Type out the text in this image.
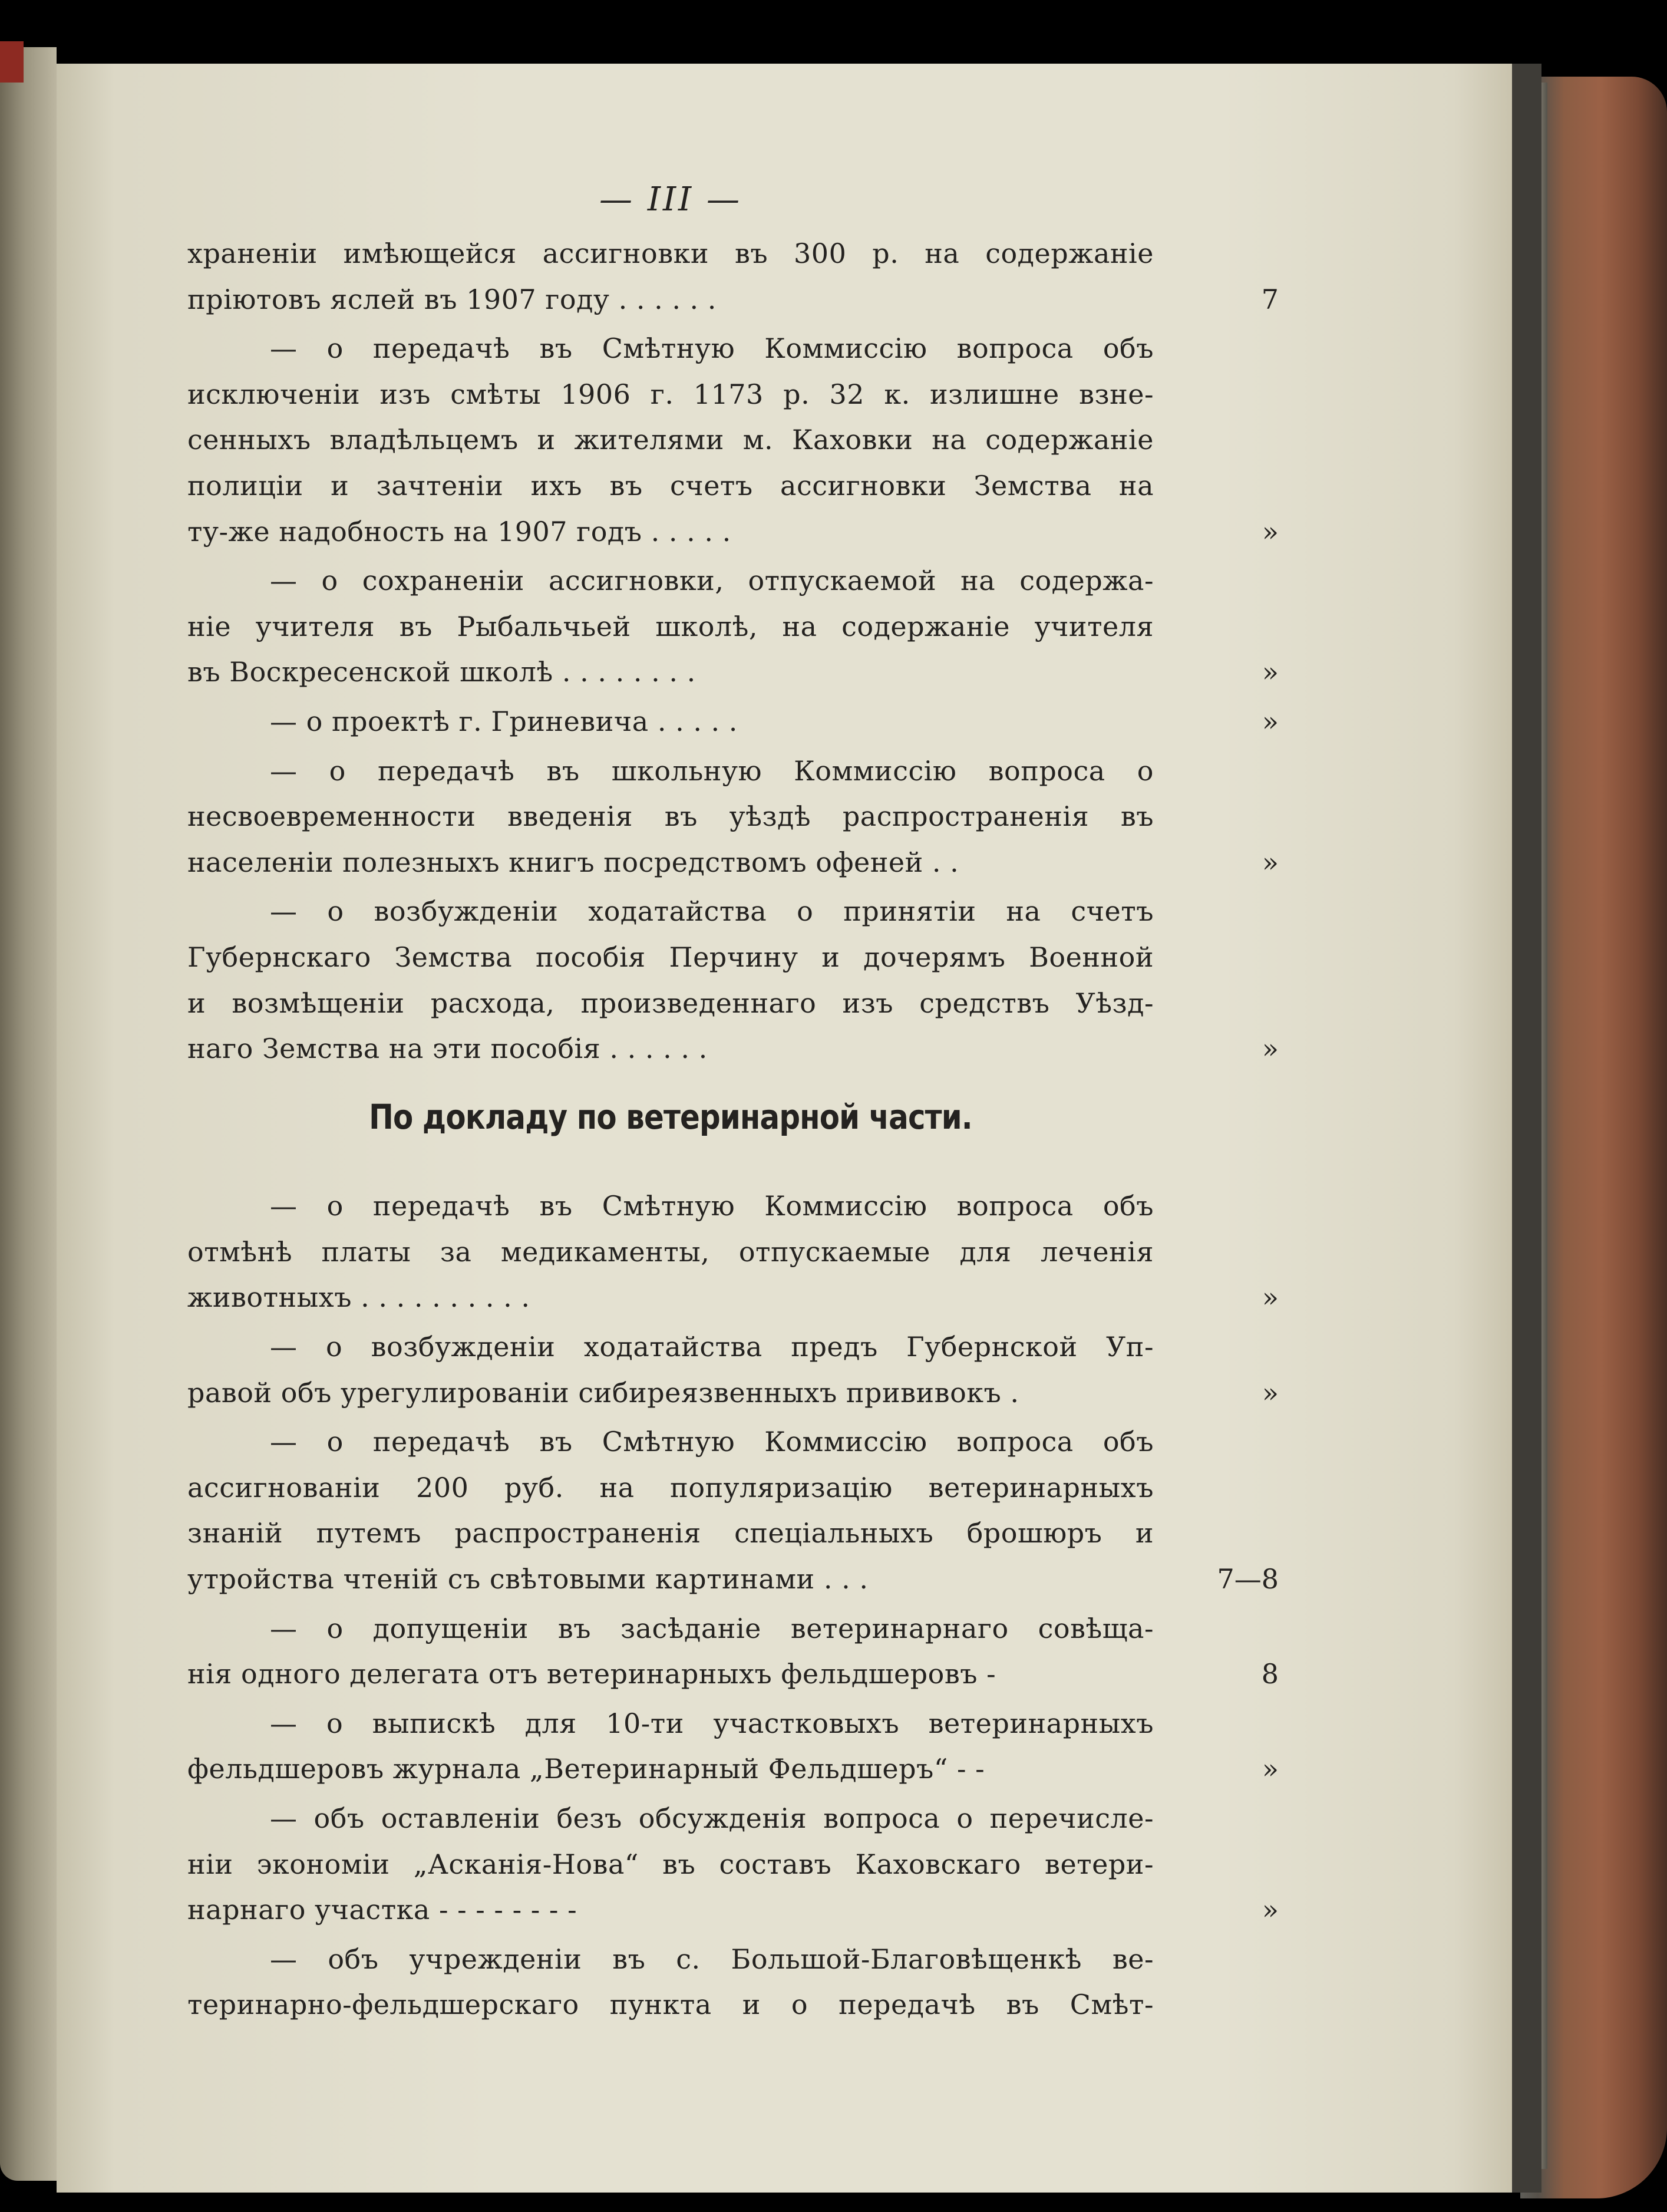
— III —
храненіи имѣющейся ассигновки въ 300 р. на содержаніе
пріютовъ яслей въ 1907 году . . . . . .	7
— о передачѣ въ Смѣтную Коммиссію вопроса объ
исключеніи изъ смѣты 1906 г. 1173 р. 32 к. излишне взне-
сенныхъ владѣльцемъ и жителями м. Каховки на содержаніе
полиціи и зачтеніи ихъ въ счетъ ассигновки Земства на
ту-же надобность на 1907 годъ . . . . .	»
— о сохраненіи ассигновки, отпускаемой на содержа-
ніе учителя въ Рыбальчьей школѣ, на содержаніе учителя
въ Воскресенской школѣ . . . . . . . .	»
— о проектѣ г. Гриневича . . . . .	»
— о передачѣ въ школьную Коммиссію вопроса о
несвоевременности введенія въ уѣздѣ распространенія въ
населеніи полезныхъ книгъ посредствомъ офеней . .	»
— о возбужденіи ходатайства о принятіи на счетъ
Губернскаго Земства пособія Перчину и дочерямъ Военной
и возмѣщеніи расхода, произведеннаго изъ средствъ Уѣзд-
наго Земства на эти пособія . . . . . .	»
По докладу по ветеринарной части.
— о передачѣ въ Смѣтную Коммиссію вопроса объ
отмѣнѣ платы за медикаменты, отпускаемые для леченія
животныхъ . . . . . . . . . .	»
— о возбужденіи ходатайства предъ Губернской Уп-
равой объ урегулированіи сибиреязвенныхъ прививокъ .	»
— о передачѣ въ Смѣтную Коммиссію вопроса объ
ассигнованіи 200 руб. на популяризацію ветеринарныхъ
знаній путемъ распространенія спеціальныхъ брошюръ и
утройства чтеній съ свѣтовыми картинами . . .	7—8
— о допущеніи въ засѣданіе ветеринарнаго совѣща-
нія одного делегата отъ ветеринарныхъ фельдшеровъ -	8
— о выпискѣ для 10-ти участковыхъ ветеринарныхъ
фельдшеровъ журнала „Ветеринарный Фельдшеръ“ - -	»
— объ оставленіи безъ обсужденія вопроса о перечисле-
ніи экономіи „Асканія-Нова“ въ составъ Каховскаго ветери-
нарнаго участка - - - - - - - -	»
— объ учрежденіи въ с. Большой-Благовѣщенкѣ ве-
теринарно-фельдшерскаго пункта и о передачѣ въ Смѣт-
